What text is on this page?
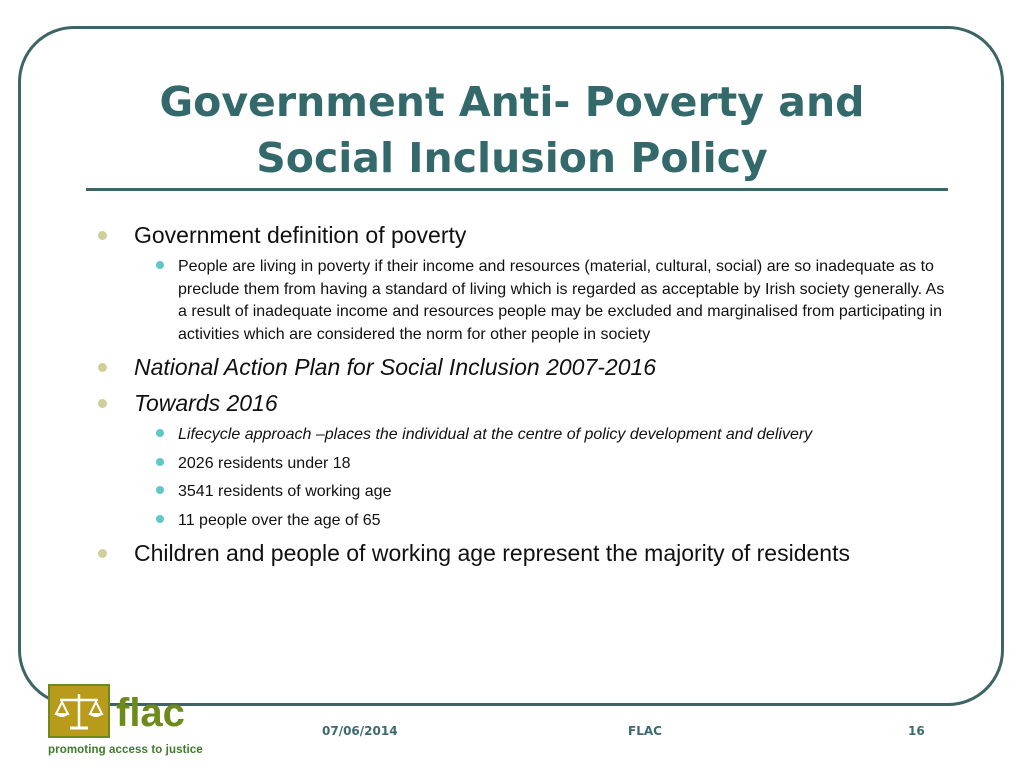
Government Anti- Poverty and
Social Inclusion Policy
Government definition of poverty
People are living in poverty if their income and resources (material, cultural, social) are so inadequate as to preclude them from having a standard of living which is regarded as acceptable by Irish society generally. As a result of inadequate income and resources people may be excluded and marginalised from participating in activities which are considered the norm for other people in society
National Action Plan for Social Inclusion 2007-2016
Towards 2016
Lifecycle approach –places the individual at the centre of policy development and delivery
2026 residents under 18
3541 residents of working age
11 people over the age of 65
Children and people of working age represent the majority of residents
flac
promoting access to justice
07/06/2014	FLAC	16
